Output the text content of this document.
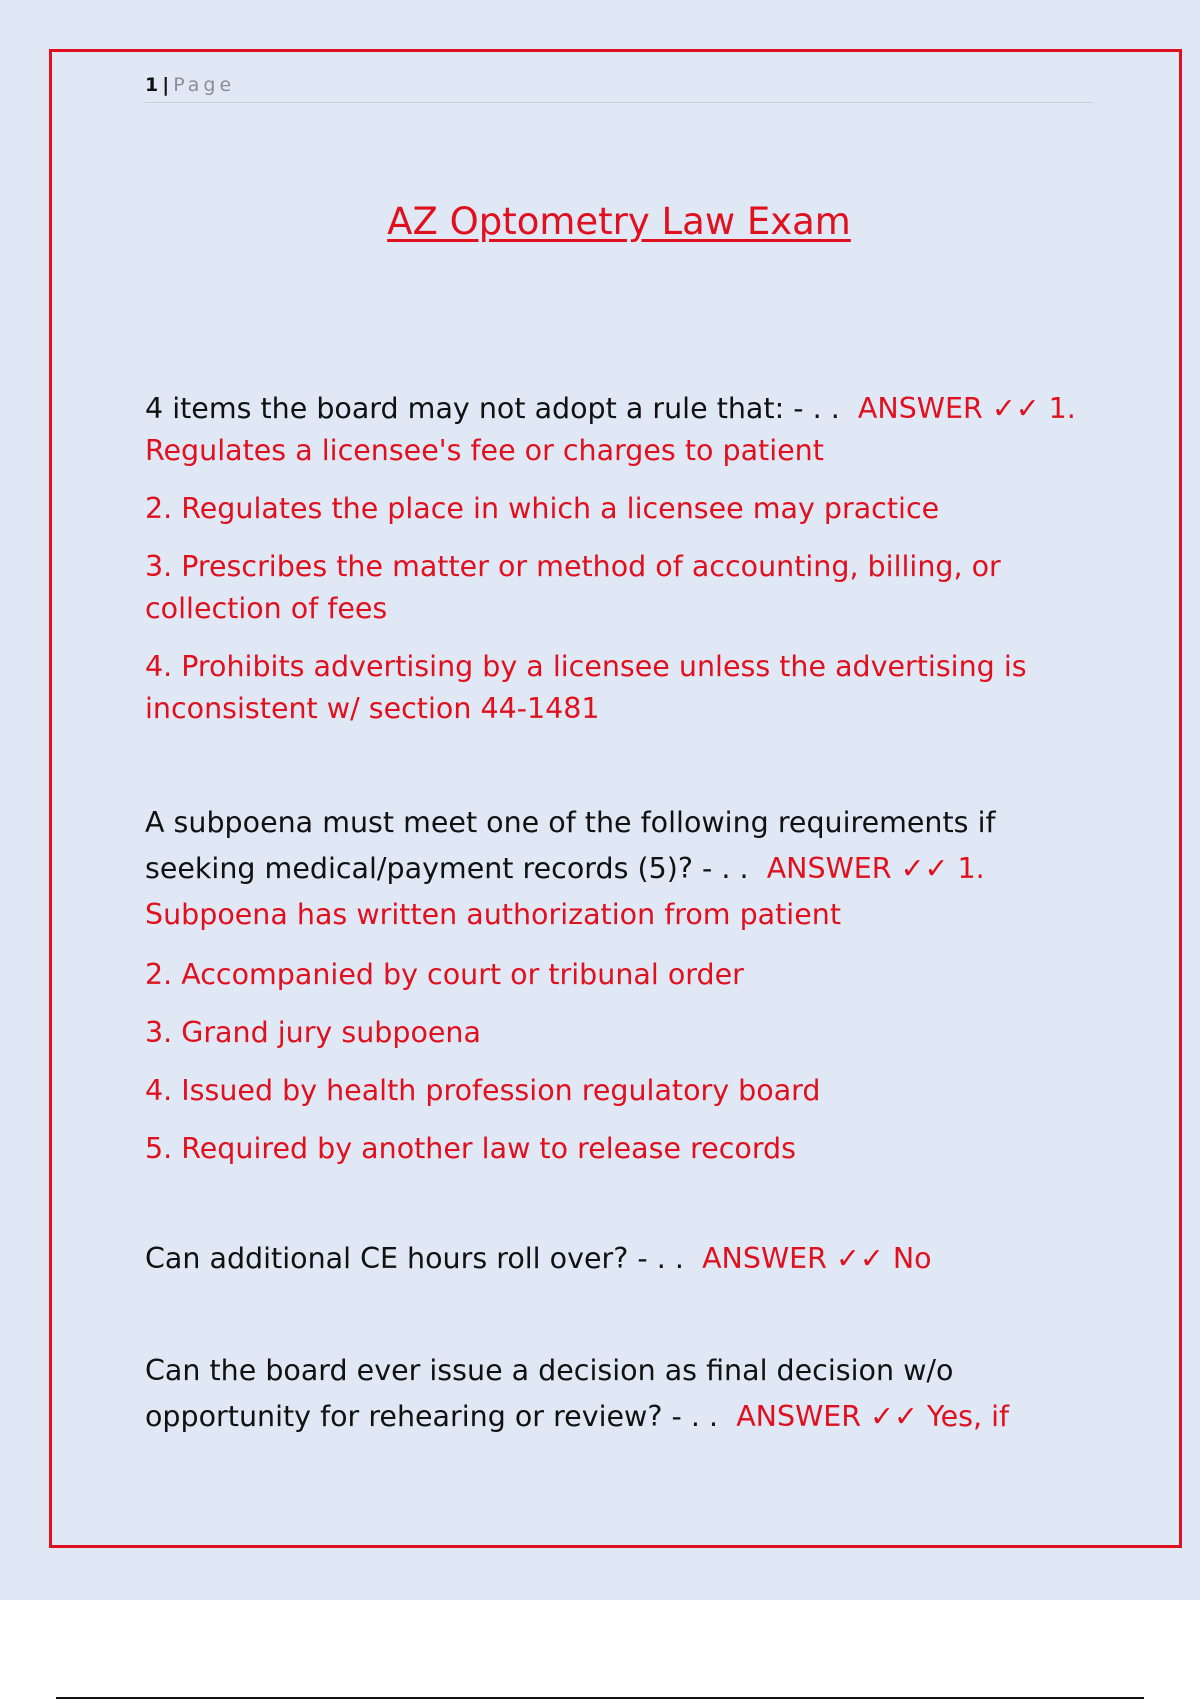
1 | Page
AZ Optometry Law Exam

4 items the board may not adopt a rule that: - . . ANSWER ✓✓ 1. Regulates a licensee's fee or charges to patient

2. Regulates the place in which a licensee may practice

3. Prescribes the matter or method of accounting, billing, or collection of fees

4. Prohibits advertising by a licensee unless the advertising is inconsistent w/ section 44-1481

A subpoena must meet one of the following requirements if seeking medical/payment records (5)? - . . ANSWER ✓✓ 1. Subpoena has written authorization from patient

2. Accompanied by court or tribunal order

3. Grand jury subpoena

4. Issued by health profession regulatory board

5. Required by another law to release records

Can additional CE hours roll over? - . . ANSWER ✓✓ No

Can the board ever issue a decision as final decision w/o opportunity for rehearing or review? - . . ANSWER ✓✓ Yes, if
